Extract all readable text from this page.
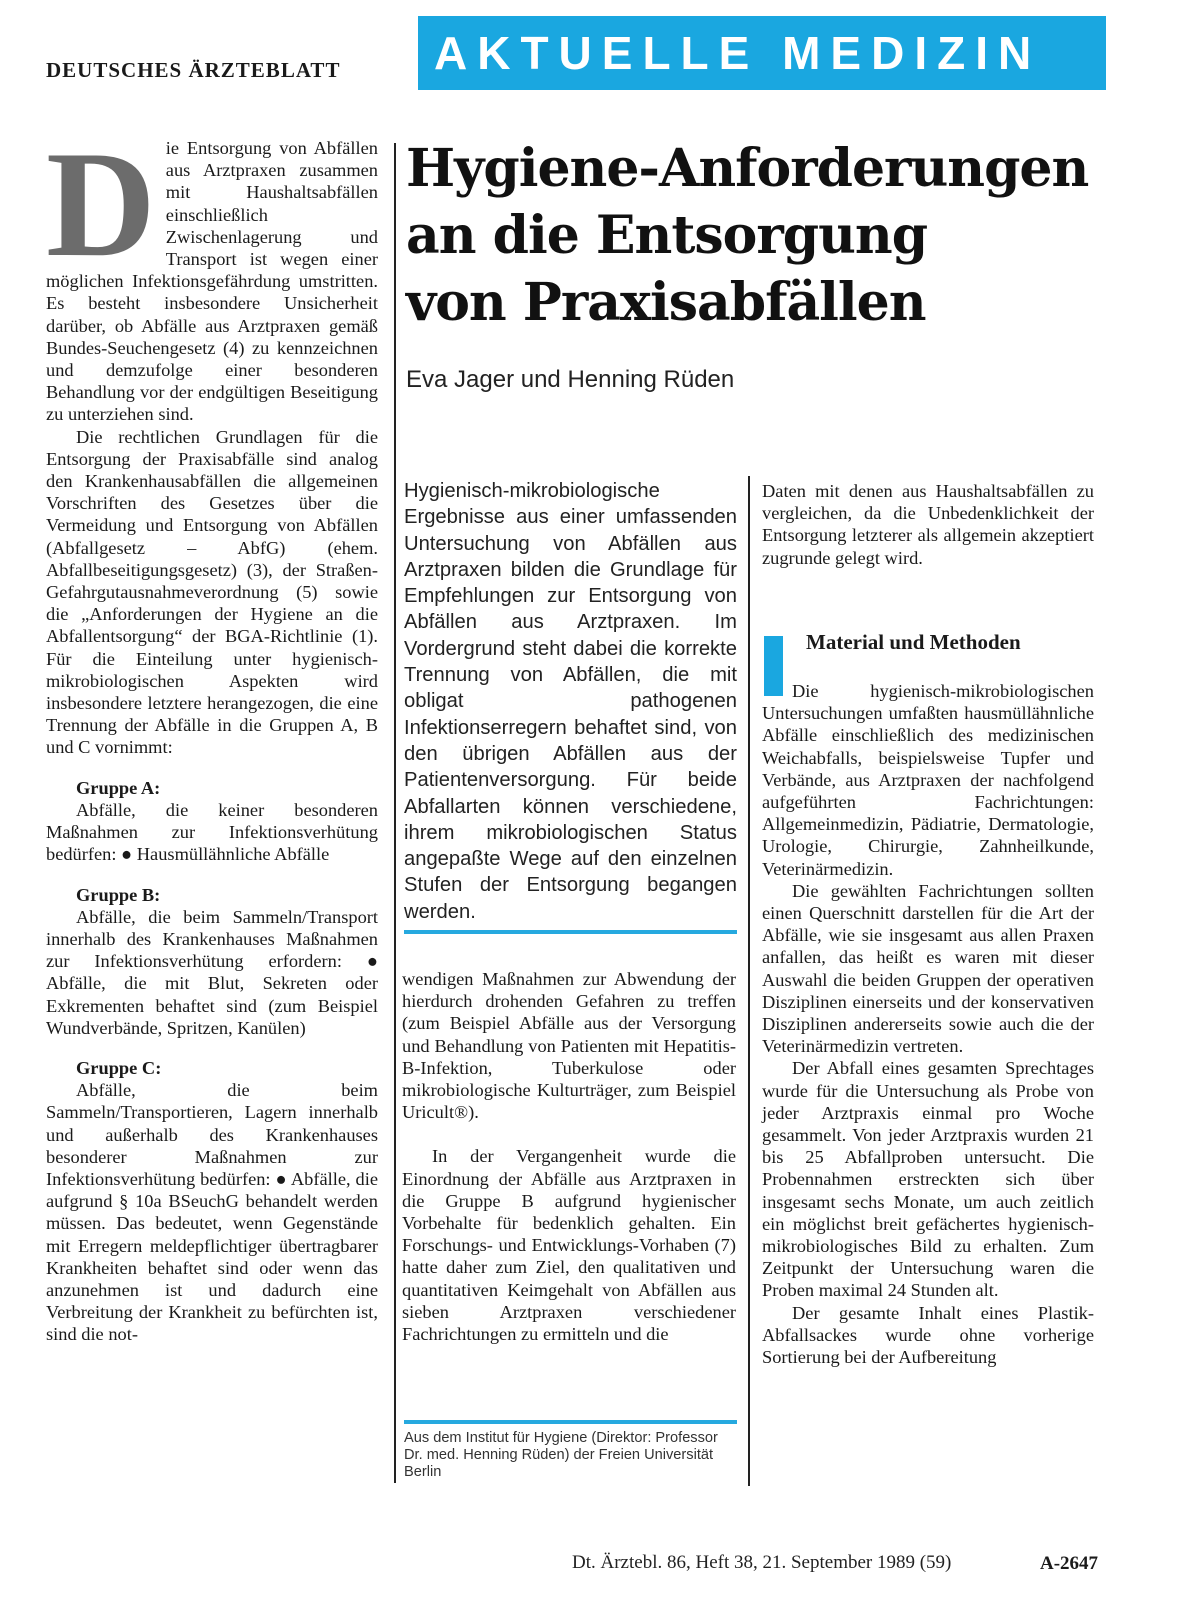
DEUTSCHES ÄRZTEBLATT	AKTUELLE MEDIZIN
D ie Entsorgung von Abfällen aus Arztpraxen zusammen mit Haushaltsabfällen einschließlich Zwischenlagerung und Transport ist wegen einer möglichen Infektionsgefährdung umstritten. Es besteht insbesondere Unsicherheit darüber, ob Abfälle aus Arztpraxen gemäß Bundes-Seuchengesetz (4) zu kennzeichnen und demzufolge einer besonderen Behandlung vor der endgültigen Beseitigung zu unterziehen sind.

Die rechtlichen Grundlagen für die Entsorgung der Praxisabfälle sind analog den Krankenhausabfällen die allgemeinen Vorschriften des Gesetzes über die Vermeidung und Entsorgung von Abfällen (Abfallgesetz – AbfG) (ehem. Abfallbeseitigungsgesetz) (3), der Straßen-Gefahrgutausnahmeverordnung (5) sowie die „Anforderungen der Hygiene an die Abfallentsorgung“ der BGA-Richtlinie (1). Für die Einteilung unter hygienisch-mikrobiologischen Aspekten wird insbesondere letztere herangezogen, die eine Trennung der Abfälle in die Gruppen A, B und C vornimmt:

Gruppe A:
Abfälle, die keiner besonderen Maßnahmen zur Infektionsverhütung bedürfen: ● Hausmüllähnliche Abfälle
Gruppe B:
Abfälle, die beim Sammeln/Transport innerhalb des Krankenhauses Maßnahmen zur Infektionsverhütung erfordern: ● Abfälle, die mit Blut, Sekreten oder Exkrementen behaftet sind (zum Beispiel Wundverbände, Spritzen, Kanülen)
Gruppe C:
Abfälle, die beim Sammeln/Transportieren, Lagern innerhalb und außerhalb des Krankenhauses besonderer Maßnahmen zur Infektionsverhütung bedürfen: ● Abfälle, die aufgrund § 10a BSeuchG behandelt werden müssen. Das bedeutet, wenn Gegenstände mit Erregern meldepflichtiger übertragbarer Krankheiten behaftet sind oder wenn das anzunehmen ist und dadurch eine Verbreitung der Krankheit zu befürchten ist, sind die not-
Hygiene-Anforderungen
an die Entsorgung
von Praxisabfällen
Eva Jager und Henning Rüden
Hygienisch-mikrobiologische Ergebnisse aus einer umfassenden Untersuchung von Abfällen aus Arztpraxen bilden die Grundlage für Empfehlungen zur Entsorgung von Abfällen aus Arztpraxen. Im Vordergrund steht dabei die korrekte Trennung von Abfällen, die mit obligat pathogenen Infektionserregern behaftet sind, von den übrigen Abfällen aus der Patientenversorgung. Für beide Abfallarten können verschiedene, ihrem mikrobiologischen Status angepaßte Wege auf den einzelnen Stufen der Entsorgung begangen werden.

wendigen Maßnahmen zur Abwendung der hierdurch drohenden Gefahren zu treffen (zum Beispiel Abfälle aus der Versorgung und Behandlung von Patienten mit Hepatitis-B-Infektion, Tuberkulose oder mikrobiologische Kulturträger, zum Beispiel Uricult®).

In der Vergangenheit wurde die Einordnung der Abfälle aus Arztpraxen in die Gruppe B aufgrund hygienischer Vorbehalte für bedenklich gehalten. Ein Forschungs- und Entwicklungs-Vorhaben (7) hatte daher zum Ziel, den qualitativen und quantitativen Keimgehalt von Abfällen aus sieben Arztpraxen verschiedener Fachrichtungen zu ermitteln und die

Aus dem Institut für Hygiene (Direktor: Professor Dr. med. Henning Rüden) der Freien Universität Berlin

Daten mit denen aus Haushaltsabfällen zu vergleichen, da die Unbedenklichkeit der Entsorgung letzterer als allgemein akzeptiert zugrunde gelegt wird.

Material und Methoden

Die hygienisch-mikrobiologischen Untersuchungen umfaßten hausmüllähnliche Abfälle einschließlich des medizinischen Weichabfalls, beispielsweise Tupfer und Verbände, aus Arztpraxen der nachfolgend aufgeführten Fachrichtungen: Allgemeinmedizin, Pädiatrie, Dermatologie, Urologie, Chirurgie, Zahnheilkunde, Veterinärmedizin.

Die gewählten Fachrichtungen sollten einen Querschnitt darstellen für die Art der Abfälle, wie sie insgesamt aus allen Praxen anfallen, das heißt es waren mit dieser Auswahl die beiden Gruppen der operativen Disziplinen einerseits und der konservativen Disziplinen andererseits sowie auch die der Veterinärmedizin vertreten.

Der Abfall eines gesamten Sprechtages wurde für die Untersuchung als Probe von jeder Arztpraxis einmal pro Woche gesammelt. Von jeder Arztpraxis wurden 21 bis 25 Abfallproben untersucht. Die Probennahmen erstreckten sich über insgesamt sechs Monate, um auch zeitlich ein möglichst breit gefächertes hygienisch-mikrobiologisches Bild zu erhalten. Zum Zeitpunkt der Untersuchung waren die Proben maximal 24 Stunden alt.

Der gesamte Inhalt eines Plastik-Abfallsackes wurde ohne vorherige Sortierung bei der Aufbereitung

Dt. Ärztebl. 86, Heft 38, 21. September 1989 (59)	A-2647
